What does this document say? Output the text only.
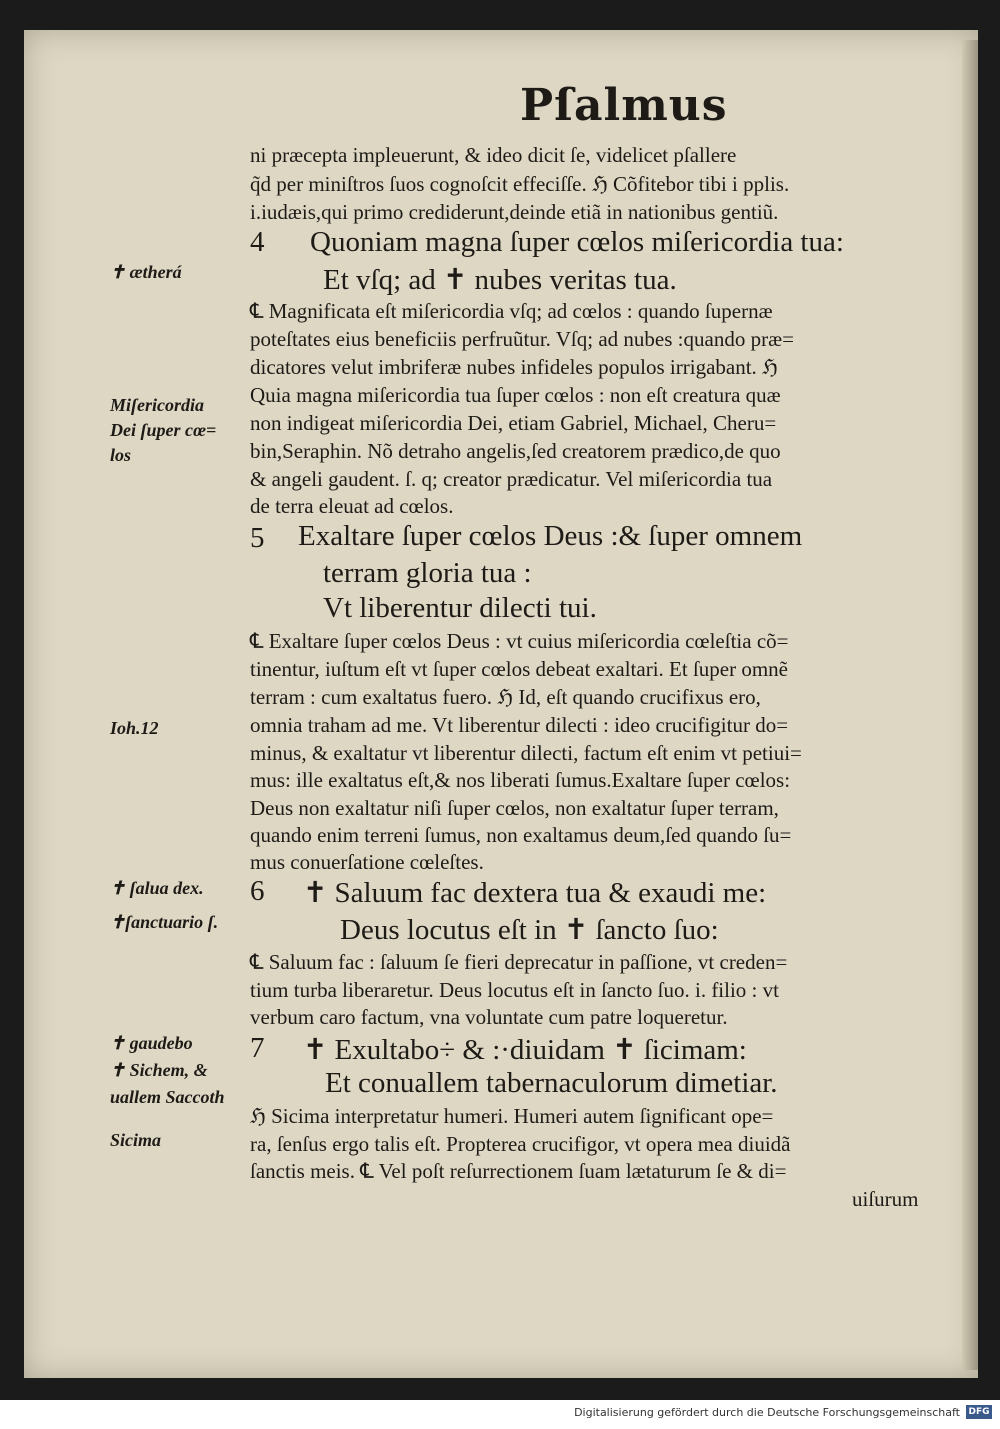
Pſalmus
ni præcepta impleuerunt, & ideo dicit ſe, videlicet pſallere
q̃d per miniſtros ſuos cognoſcit effeciſſe. ℌ Cõfitebor tibi i pplis.
i.iudæis,qui primo crediderunt,deinde etiã in nationibus gentiũ.
4 Quoniam magna ſuper cœlos miſericordia tua:
Et vſq; ad ✝ nubes veritas tua.
℄ Magnificata eſt miſericordia vſq; ad cœlos : quando ſupernæ
poteſtates eius beneficiis perfruũtur. Vſq; ad nubes :quando præ=
dicatores velut imbriferæ nubes infideles populos irrigabant. ℌ
Quia magna miſericordia tua ſuper cœlos : non eſt creatura quæ
non indigeat miſericordia Dei, etiam Gabriel, Michael, Cheru=
bin,Seraphin. Nõ detraho angelis,ſed creatorem prædico,de quo
& angeli gaudent. ſ. q; creator prædicatur. Vel miſericordia tua
de terra eleuat ad cœlos.
5 Exaltare ſuper cœlos Deus :& ſuper omnem
terram gloria tua :
Vt liberentur dilecti tui.
℄ Exaltare ſuper cœlos Deus : vt cuius miſericordia cœleſtia cõ=
tinentur, iuſtum eſt vt ſuper cœlos debeat exaltari. Et ſuper omnẽ
terram : cum exaltatus fuero. ℌ Id, eſt quando crucifixus ero,
omnia traham ad me. Vt liberentur dilecti : ideo crucifigitur do=
minus, & exaltatur vt liberentur dilecti, factum eſt enim vt petiui=
mus: ille exaltatus eſt,& nos liberati ſumus.Exaltare ſuper cœlos:
Deus non exaltatur niſi ſuper cœlos, non exaltatur ſuper terram,
quando enim terreni ſumus, non exaltamus deum,ſed quando ſu=
mus conuerſatione cœleſtes.
6 ✝ Saluum fac dextera tua & exaudi me:
Deus locutus eſt in ✝ ſancto ſuo:
℄ Saluum fac : ſaluum ſe fieri deprecatur in paſſione, vt creden=
tium turba liberaretur. Deus locutus eſt in ſancto ſuo. i. filio : vt
verbum caro factum, vna voluntate cum patre loqueretur.
7 ✝ Exultabo÷ & :·diuidam ✝ ſicimam:
Et conuallem tabernaculorum dimetiar.
ℌ Sicima interpretatur humeri. Humeri autem ſignificant ope=
ra, ſenſus ergo talis eſt. Propterea crucifigor, vt opera mea diuidã
ſanctis meis. ℄ Vel poſt reſurrectionem ſuam lætaturum ſe & di=
uiſurum
✝ ætherá
Miſericordia
Dei ſuper cœ=
los
Ioh.12
✝ ſalua dex.
✝ſanctuario ſ.
✝ gaudebo
✝ Sichem, &
uallem Saccoth
Sicima
Digitalisierung gefördert durch die Deutsche Forschungsgemeinschaft DFG
